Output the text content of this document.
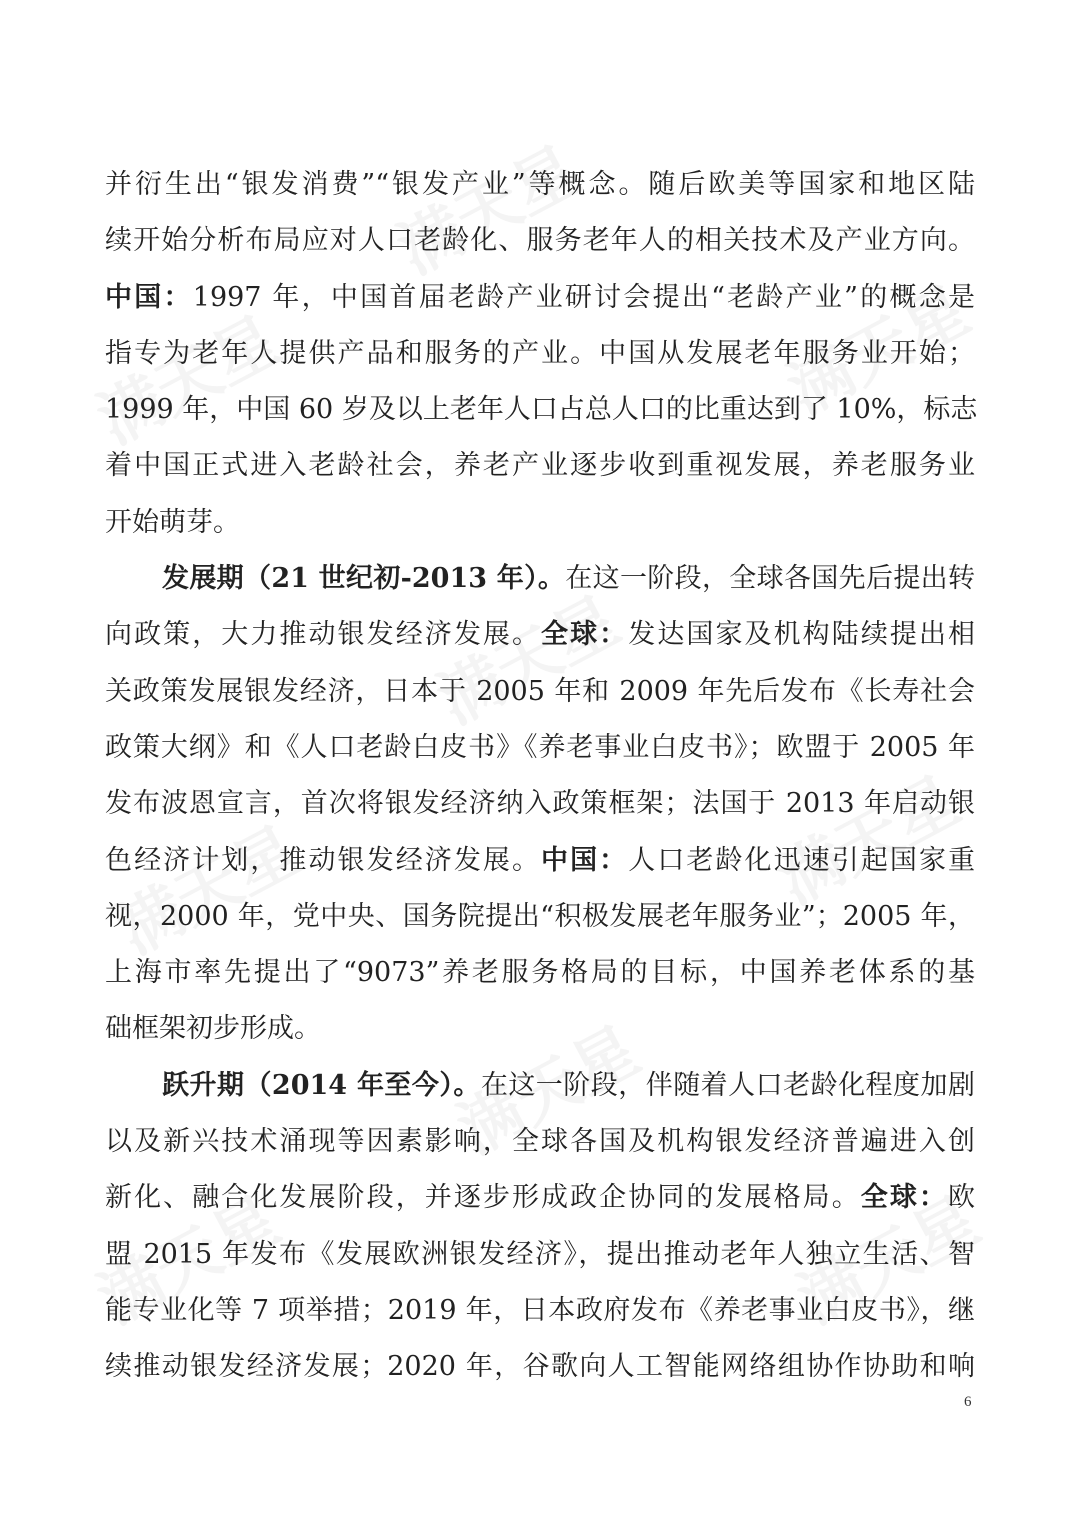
并衍生出“银发消费”“银发产业”等概念。随后欧美等国家和地区陆
续开始分析布局应对人口老龄化、服务老年人的相关技术及产业方向。
中国：1997 年，中国首届老龄产业研讨会提出“老龄产业”的概念是
指专为老年人提供产品和服务的产业。中国从发展老年服务业开始；
1999 年，中国 60 岁及以上老年人口占总人口的比重达到了 10%，标志
着中国正式进入老龄社会，养老产业逐步收到重视发展，养老服务业
开始萌芽。
发展期（21 世纪初-2013 年）。在这一阶段，全球各国先后提出转
向政策，大力推动银发经济发展。全球：发达国家及机构陆续提出相
关政策发展银发经济，日本于 2005 年和 2009 年先后发布《长寿社会
政策大纲》和《人口老龄白皮书》《养老事业白皮书》；欧盟于 2005 年
发布波恩宣言，首次将银发经济纳入政策框架；法国于 2013 年启动银
色经济计划，推动银发经济发展。中国：人口老龄化迅速引起国家重
视，2000 年，党中央、国务院提出“积极发展老年服务业”；2005 年，
上海市率先提出了“9073”养老服务格局的目标，中国养老体系的基
础框架初步形成。
跃升期（2014 年至今）。在这一阶段，伴随着人口老龄化程度加剧
以及新兴技术涌现等因素影响，全球各国及机构银发经济普遍进入创
新化、融合化发展阶段，并逐步形成政企协同的发展格局。全球：欧
盟 2015 年发布《发展欧洲银发经济》，提出推动老年人独立生活、智
能专业化等 7 项举措；2019 年，日本政府发布《养老事业白皮书》，继
续推动银发经济发展；2020 年，谷歌向人工智能网络组协作协助和响
6
